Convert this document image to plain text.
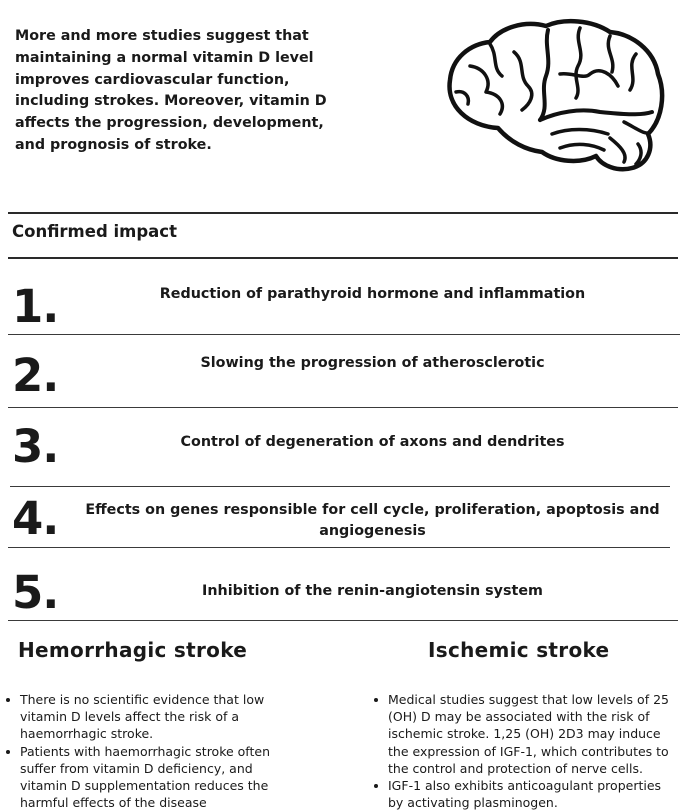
More and more studies suggest that
maintaining a normal vitamin D level
improves cardiovascular function,
including strokes. Moreover, vitamin D
affects the progression, development,
and prognosis of stroke.
Confirmed impact
1.	Reduction of parathyroid hormone and inflammation
2.	Slowing the progression of atherosclerotic
3.	Control of degeneration of axons and dendrites
4.	Effects on genes responsible for cell cycle, proliferation, apoptosis and
angiogenesis
5.	Inhibition of the renin-angiotensin system
Hemorrhagic stroke
There is no scientific evidence that low
vitamin D levels affect the risk of a
haemorrhagic stroke.
Patients with haemorrhagic stroke often
suffer from vitamin D deficiency, and
vitamin D supplementation reduces the
harmful effects of the disease
Ischemic stroke
Medical studies suggest that low levels of 25
(OH) D may be associated with the risk of
ischemic stroke. 1,25 (OH) 2D3 may induce
the expression of IGF-1, which contributes to
the control and protection of nerve cells.
IGF-1 also exhibits anticoagulant properties
by activating plasminogen.
